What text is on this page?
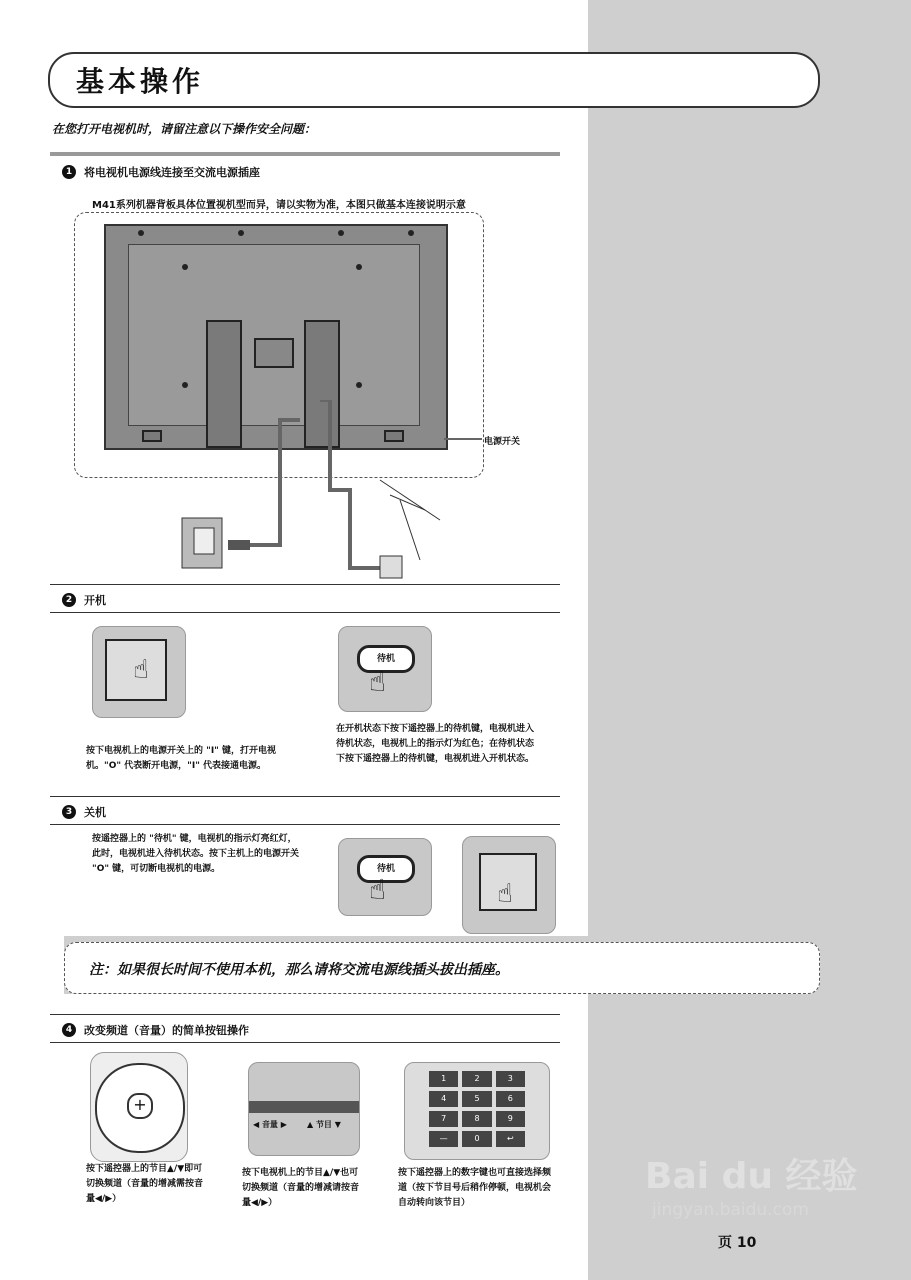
基本操作
在您打开电视机时，请留注意以下操作安全问题：
1	将电视机电源线连接至交流电源插座
M41系列机器背板具体位置视机型而异，请以实物为准，本图只做基本连接说明示意
电源开关
2	开机
☝
按下电视机上的电源开关上的 "I" 键，打开电视机。"O" 代表断开电源，"I" 代表接通电源。
待机
☝
在开机状态下按下遥控器上的待机键，电视机进入待机状态，电视机上的指示灯为红色；在待机状态下按下遥控器上的待机键，电视机进入开机状态。
3	关机
按遥控器上的 "待机" 键，电视机的指示灯亮红灯，此时，电视机进入待机状态。按下主机上的电源开关 "O" 键，可切断电视机的电源。	待机
☝	☝
注：如果很长时间不使用本机，那么请将交流电源线插头拔出插座。
4	改变频道（音量）的简单按钮操作
+
按下遥控器上的节目▲/▼即可切换频道（音量的增减需按音量◀/▶）
◀ 音量 ▶	▲ 节目 ▼
按下电视机上的节目▲/▼也可切换频道（音量的增减请按音量◀/▶）
1	2	3
4	5	6
7	8	9
—	0	↩
按下遥控器上的数字键也可直接选择频道（按下节目号后稍作停顿，电视机会自动转向该节目）
Bai du 经验
jingyan.baidu.com
页 10
